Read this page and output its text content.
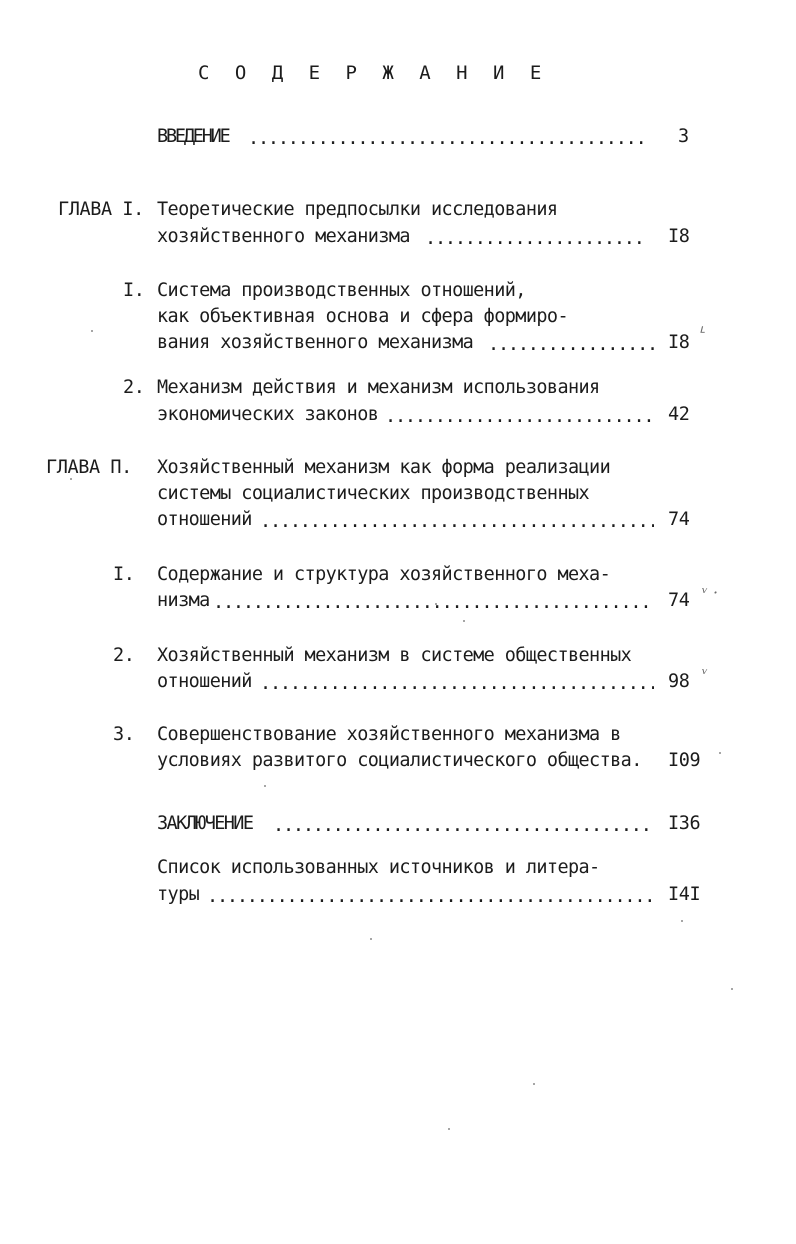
С О Д Е Р Ж А Н И Е
ВВЕДЕНИЕ .....	3
ГЛАВА I. Теоретические предпосылки исследования
хозяйственного механизма .....	I8
I. Система производственных отношений,
как объективная основа и сфера формиро-
вания хозяйственного механизма .....	I8 ᒻ
2. Механизм действия и механизм использования
экономических законов .....	42
ГЛАВА П. Хозяйственный механизм как форма реализации
системы социалистических производственных
отношений .....	74
I. Содержание и структура хозяйственного меха-
низма .....	74 ᵛ ·
2. Хозяйственный механизм в системе общественных
отношений .....	98 ᵛ
3. Совершенствование хозяйственного механизма в
условиях развитого социалистического общества. I09
ЗАКЛЮЧЕНИЕ .....	I36
Список использованных источников и литера-
туры .....	I4I
